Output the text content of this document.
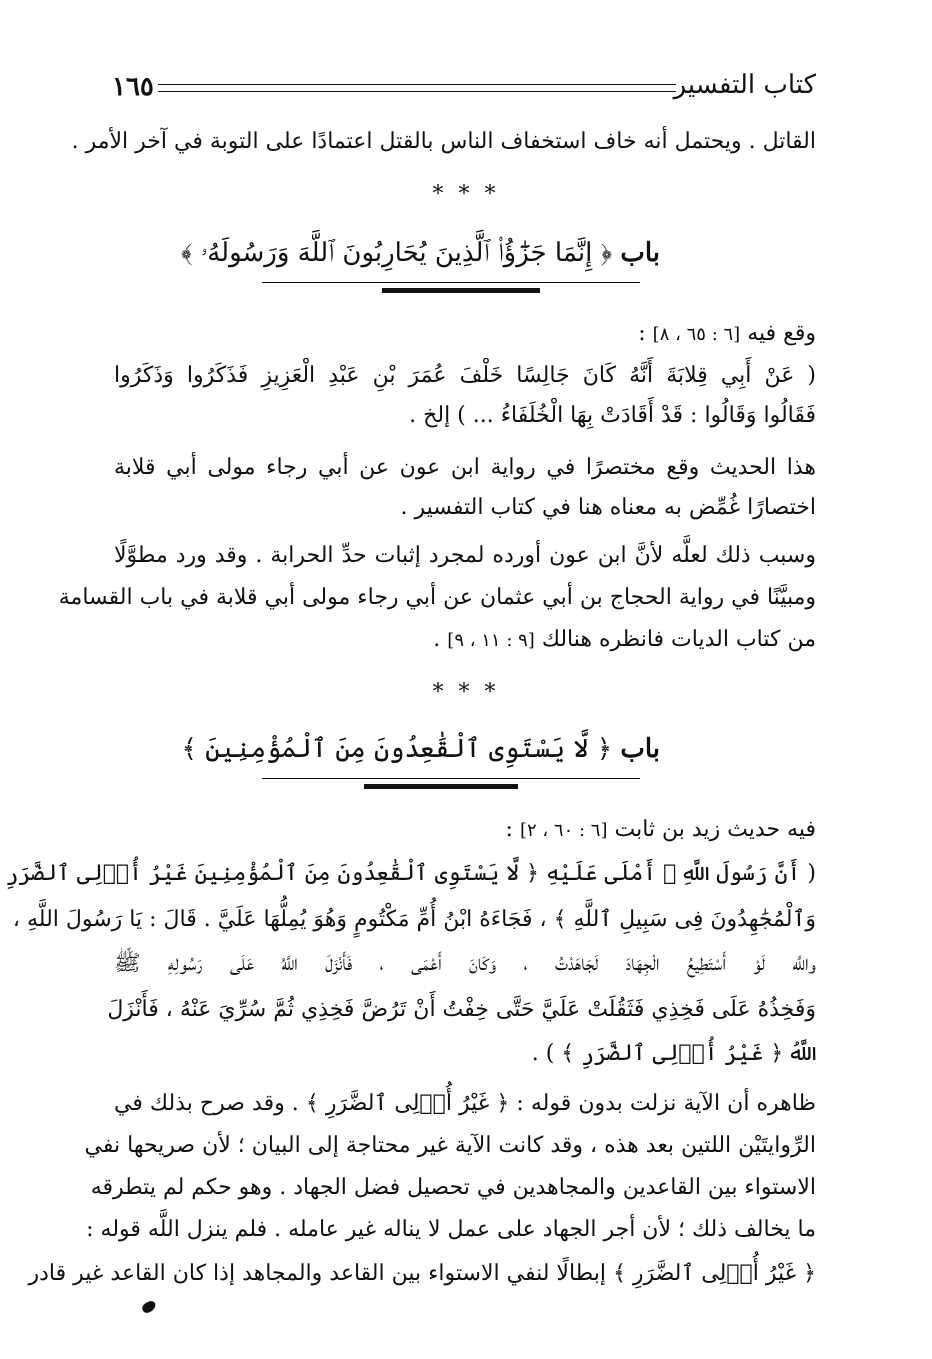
كتاب التفسير
١٦٥
القاتل . ويحتمل أنه خاف استخفاف الناس بالقتل اعتمادًا على التوبة في آخر الأمر .
* * *
باب ﴿ إِنَّمَا جَزَٰٓؤُا۟ ٱلَّذِينَ يُحَارِبُونَ ٱللَّهَ وَرَسُولَهُۥ ﴾
وقع فيه [٦ : ٦٥ ، ٨] :
( عَنْ أَبِي قِلابَةَ أَنَّهُ كَانَ جَالِسًا خَلْفَ عُمَرَ بْنِ عَبْدِ الْعَزِيزِ فَذَكَرُوا وَذَكَرُوا
فَقَالُوا وَقَالُوا : قَدْ أَقَادَتْ بِهَا الْخُلَفَاءُ ... ) إلخ .
هذا الحديث وقع مختصرًا في رواية ابن عون عن أبي رجاء مولى أبي قلابة
اختصارًا غُمِّض به معناه هنا في كتاب التفسير .
وسبب ذلك لعلَّه لأنَّ ابن عون أورده لمجرد إثبات حدِّ الحرابة . وقد ورد مطوَّلًا
ومبيَّنًا في رواية الحجاج بن أبي عثمان عن أبي رجاء مولى أبي قلابة في باب القسامة
من كتاب الديات فانظره هنالك [٩ : ١١ ، ٩] .
* * *
باب ﴿ لَّا يَسْتَوِى ٱلْقَٰعِدُونَ مِنَ ٱلْمُؤْمِنِينَ ﴾
فيه حديث زيد بن ثابت [٦ : ٦٠ ، ٢] :
( أَنَّ رَسُولَ اللَّهِ ﷺ أَمْلَى عَلَيْهِ ﴿ لَّا يَسْتَوِى ٱلْقَٰعِدُونَ مِنَ ٱلْمُؤْمِنِينَ غَيْرُ أُو۟لِى ٱلضَّرَرِ
وَٱلْمُجَٰهِدُونَ فِى سَبِيلِ ٱللَّهِ ﴾ ، فَجَاءَهُ ابْنُ أُمِّ مَكْتُومٍ وَهُوَ يُمِلُّهَا عَلَيَّ . قَالَ : يَا رَسُولَ اللَّهِ ،
واللَّه لَوْ أَسْتَطِيعُ الْجِهَادَ لَجَاهَدْتُ ، وَكَانَ أَعْمَى ، فَأَنْزَلَ اللَّهُ عَلَى رَسُولِهِ ﷺ
وَفَخِذُهُ عَلَى فَخِذِي فَثَقُلَتْ عَلَيَّ حَتَّى خِفْتُ أَنْ تَرُضَّ فَخِذِي ثُمَّ سُرِّيَ عَنْهُ ، فَأَنْزَلَ
اللَّهُ ﴿ غَيْرُ أُو۟لِى ٱلضَّرَرِ ﴾ ) .
ظاهره أن الآية نزلت بدون قوله : ﴿ غَيْرُ أُو۟لِى ٱلضَّرَرِ ﴾ . وقد صرح بذلك في
الرِّوايتَيْن اللتين بعد هذه ، وقد كانت الآية غير محتاجة إلى البيان ؛ لأن صريحها نفي
الاستواء بين القاعدين والمجاهدين في تحصيل فضل الجهاد . وهو حكم لم يتطرقه
ما يخالف ذلك ؛ لأن أجر الجهاد على عمل لا يناله غير عامله . فلم ينزل اللَّه قوله :
﴿ غَيْرُ أُو۟لِى ٱلضَّرَرِ ﴾ إبطالًا لنفي الاستواء بين القاعد والمجاهد إذا كان القاعد غير قادر
